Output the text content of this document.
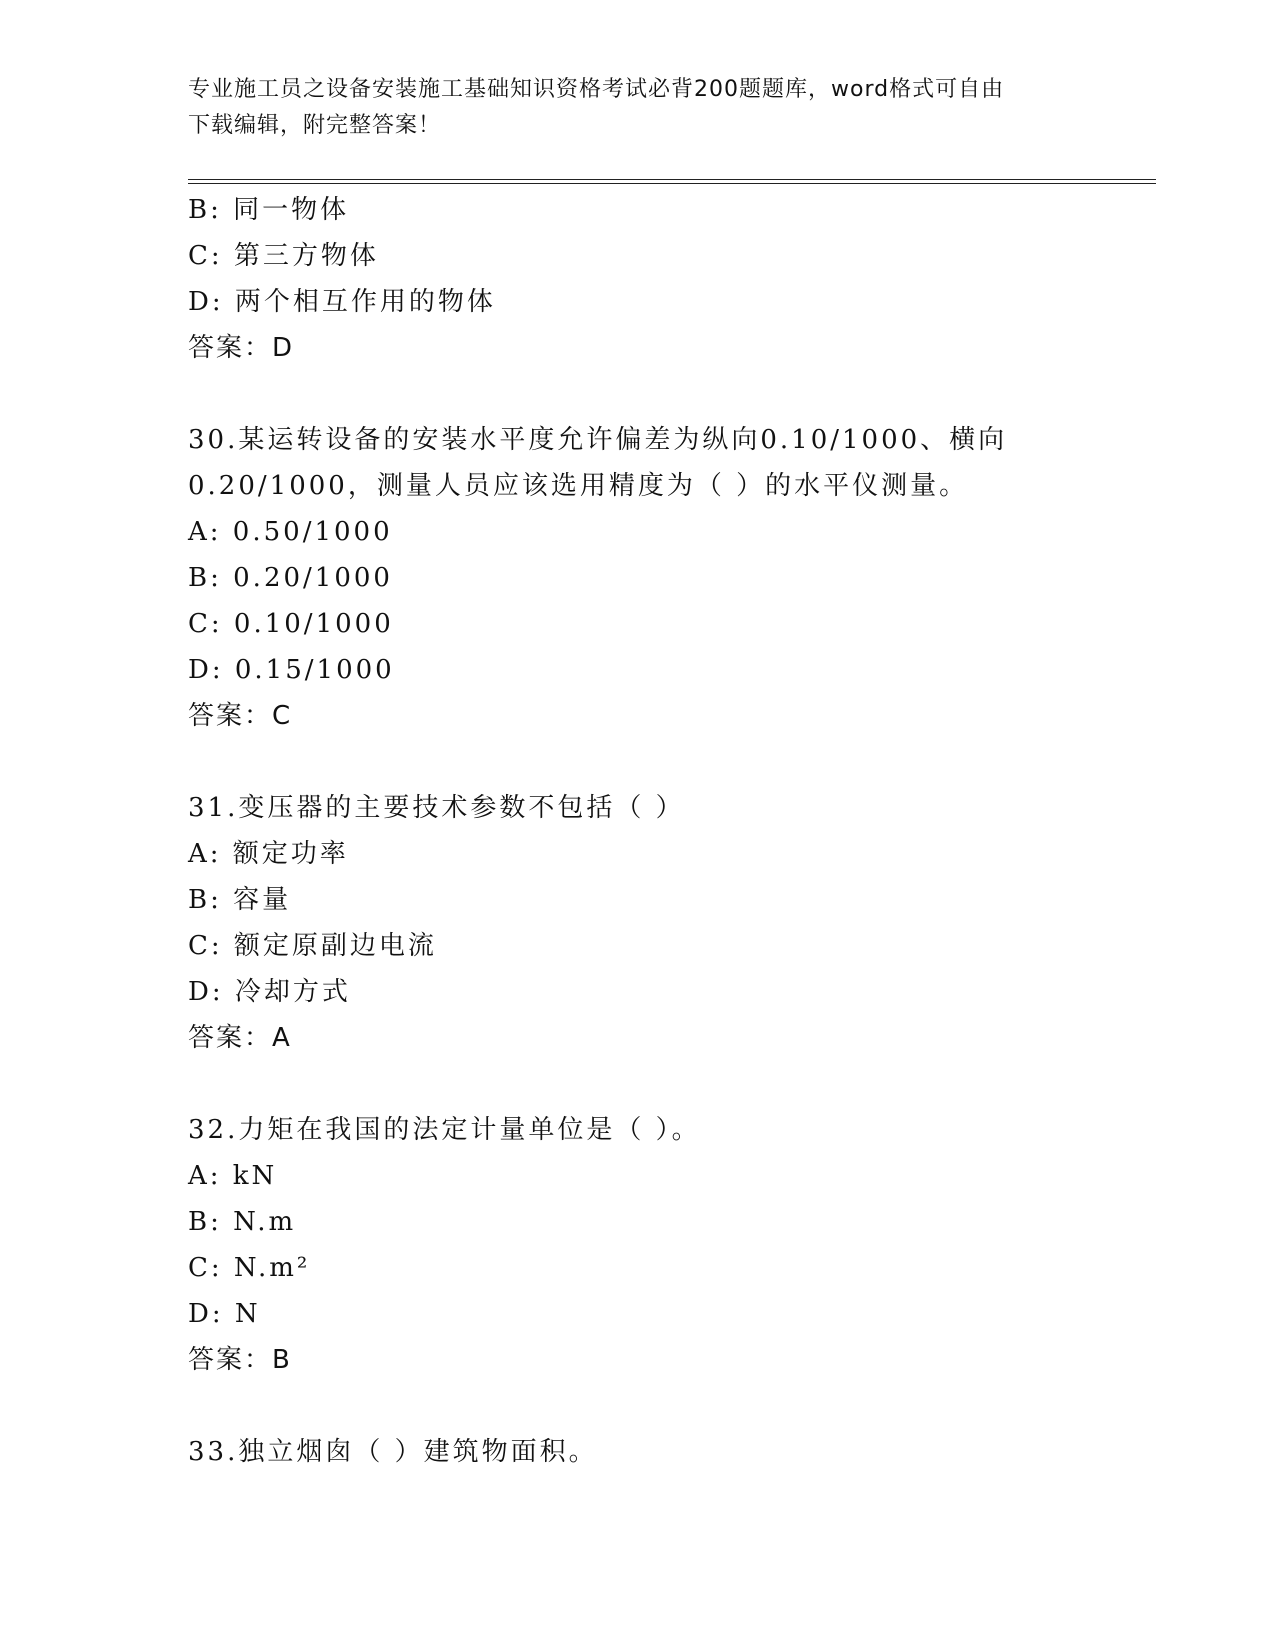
专业施工员之设备安装施工基础知识资格考试必背200题题库，word格式可自由
下载编辑，附完整答案！
B: 同一物体
C: 第三方物体
D: 两个相互作用的物体
答案：D
30.某运转设备的安装水平度允许偏差为纵向0.10/1000、横向
0.20/1000，测量人员应该选用精度为（ ）的水平仪测量。
A: 0.50/1000
B: 0.20/1000
C: 0.10/1000
D: 0.15/1000
答案：C
31.变压器的主要技术参数不包括（ ）
A: 额定功率
B: 容量
C: 额定原副边电流
D: 冷却方式
答案：A
32.力矩在我国的法定计量单位是（ ）。
A: kN
B: N.m
C: N.m²
D: N
答案：B
33.独立烟囱（ ）建筑物面积。
